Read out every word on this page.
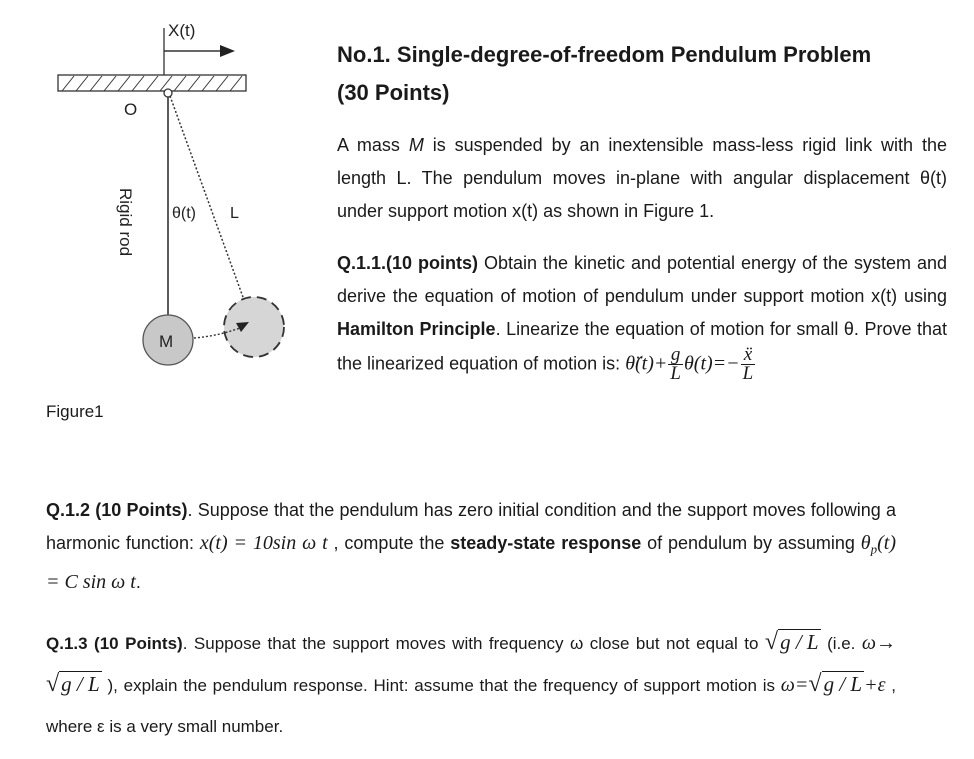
X(t)
O
Rigid rod θ(t) L
M
Figure1
No.1. Single-degree-of-freedom Pendulum Problem
(30 Points)
A mass M is suspended by an inextensible mass-less rigid link with the length L. The pendulum moves in-plane with angular displacement θ(t) under support motion x(t) as shown in Figure 1.
Q.1.1.(10 points) Obtain the kinetic and potential energy of the system and derive the equation of motion of pendulum under support motion x(t) using Hamilton Principle. Linearize the equation of motion for small θ. Prove that the linearized equation of motion is: θ̈(t)+ $\frac{g}{L} \theta(t)=- \frac{\text{ẍ}}{L}$
Q.1.2 (10 Points). Suppose that the pendulum has zero initial condition and the support moves following a harmonic function: x(t) = 10sin ω t , compute the steady-state response of pendulum by assuming $\theta_p(t) = C$ sin ω t.
Q.1.3 (10 Points). Suppose that the support moves with frequency ω close but not equal to √g / L (i.e. ω→√g / L ), explain the pendulum response. Hint: assume that the frequency of support motion is ω=√g / L +ε , where ε is a very small number.
